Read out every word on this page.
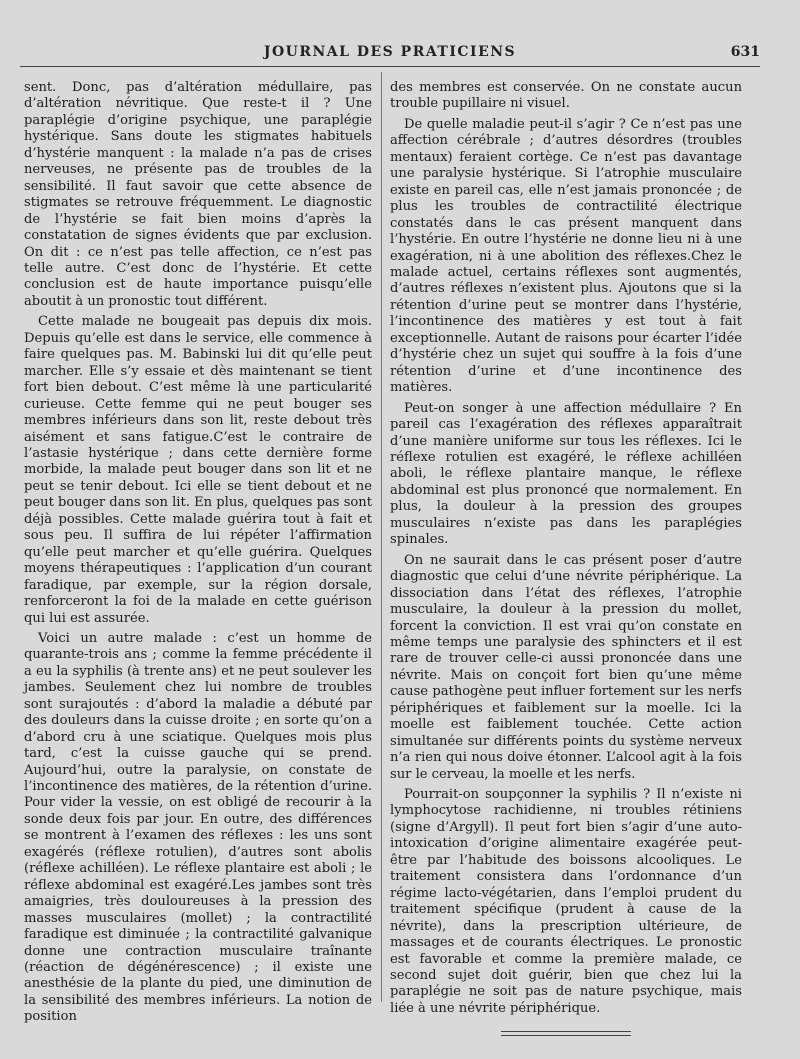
JOURNAL DES PRATICIENS	631

sent. Donc, pas d’altération médullaire, pas d’altération névritique. Que reste-t il ? Une paraplégie d’origine psychique, une paraplégie hystérique. Sans doute les stigmates habituels d’hystérie manquent : la malade n’a pas de crises nerveuses, ne présente pas de troubles de la sensibilité. Il faut savoir que cette absence de stigmates se retrouve fréquemment. Le diagnostic de l’hystérie se fait bien moins d’après la constatation de signes évidents que par exclusion. On dit : ce n’est pas telle affection, ce n’est pas telle autre. C’est donc de l’hystérie. Et cette conclusion est de haute importance puisqu’elle aboutit à un pronostic tout différent.

Cette malade ne bougeait pas depuis dix mois. Depuis qu’elle est dans le service, elle commence à faire quelques pas. M. Babinski lui dit qu’elle peut marcher. Elle s’y essaie et dès maintenant se tient fort bien debout. C’est même là une particularité curieuse. Cette femme qui ne peut bouger ses membres inférieurs dans son lit, reste debout très aisément et sans fatigue.C’est le contraire de l’astasie hystérique ; dans cette dernière forme morbide, la malade peut bouger dans son lit et ne peut se tenir debout. Ici elle se tient debout et ne peut bouger dans son lit. En plus, quelques pas sont déjà possibles. Cette malade guérira tout à fait et sous peu. Il suffira de lui répéter l’affirmation qu’elle peut marcher et qu’elle guérira. Quelques moyens thérapeutiques : l’application d’un courant faradique, par exemple, sur la région dorsale, renforceront la foi de la malade en cette guérison qui lui est assurée.

Voici un autre malade : c’est un homme de quarante-trois ans ; comme la femme précédente il a eu la syphilis (à trente ans) et ne peut soulever les jambes. Seulement chez lui nombre de troubles sont surajoutés : d’abord la maladie a débuté par des douleurs dans la cuisse droite ; en sorte qu’on a d’abord cru à une sciatique. Quelques mois plus tard, c’est la cuisse gauche qui se prend. Aujourd’hui, outre la paralysie, on constate de l’incontinence des matières, de la rétention d’urine. Pour vider la vessie, on est obligé de recourir à la sonde deux fois par jour. En outre, des différences se montrent à l’examen des réflexes : les uns sont exagérés (réflexe rotulien), d’autres sont abolis (réflexe achilléen). Le réflexe plantaire est aboli ; le réflexe abdominal est exagéré.Les jambes sont très amaigries, très douloureuses à la pression des masses musculaires (mollet) ; la contractilité faradique est diminuée ; la contractilité galvanique donne une contraction musculaire traînante (réaction de dégénérescence) ; il existe une anesthésie de la plante du pied, une diminution de la sensibilité des membres inférieurs. La notion de position

des membres est conservée. On ne constate aucun trouble pupillaire ni visuel.

De quelle maladie peut-il s’agir ? Ce n’est pas une affection cérébrale ; d’autres désordres (troubles mentaux) feraient cortège. Ce n’est pas davantage une paralysie hystérique. Si l’atrophie musculaire existe en pareil cas, elle n’est jamais prononcée ; de plus les troubles de contractilité électrique constatés dans le cas présent manquent dans l’hystérie. En outre l’hystérie ne donne lieu ni à une exagération, ni à une abolition des réflexes.Chez le malade actuel, certains réflexes sont augmentés, d’autres réflexes n’existent plus. Ajoutons que si la rétention d’urine peut se montrer dans l’hystérie, l’incontinence des matières y est tout à fait exceptionnelle. Autant de raisons pour écarter l’idée d’hystérie chez un sujet qui souffre à la fois d’une rétention d’urine et d’une incontinence des matières.

Peut-on songer à une affection médullaire ? En pareil cas l’exagération des réflexes apparaîtrait d’une manière uniforme sur tous les réflexes. Ici le réflexe rotulien est exagéré, le réflexe achilléen aboli, le réflexe plantaire manque, le réflexe abdominal est plus prononcé que normalement. En plus, la douleur à la pression des groupes musculaires n’existe pas dans les paraplégies spinales.

On ne saurait dans le cas présent poser d’autre diagnostic que celui d’une névrite périphérique. La dissociation dans l’état des réflexes, l’atrophie musculaire, la douleur à la pression du mollet, forcent la conviction. Il est vrai qu’on constate en même temps une paralysie des sphincters et il est rare de trouver celle-ci aussi prononcée dans une névrite. Mais on conçoit fort bien qu’une même cause pathogène peut influer fortement sur les nerfs périphériques et faiblement sur la moelle. Ici la moelle est faiblement touchée. Cette action simultanée sur différents points du système nerveux n’a rien qui nous doive étonner. L’alcool agit à la fois sur le cerveau, la moelle et les nerfs.

Pourrait-on soupçonner la syphilis ? Il n’existe ni lymphocytose rachidienne, ni troubles rétiniens (signe d’Argyll). Il peut fort bien s’agir d’une auto-intoxication d’origine alimentaire exagérée peut-être par l’habitude des boissons alcooliques. Le traitement consistera dans l’ordonnance d’un régime lacto-végétarien, dans l’emploi prudent du traitement spécifique (prudent à cause de la névrite), dans la prescription ultérieure, de massages et de courants électriques. Le pronostic est favorable et comme la première malade, ce second sujet doit guérir, bien que chez lui la paraplégie ne soit pas de nature psychique, mais liée à une névrite périphérique.
